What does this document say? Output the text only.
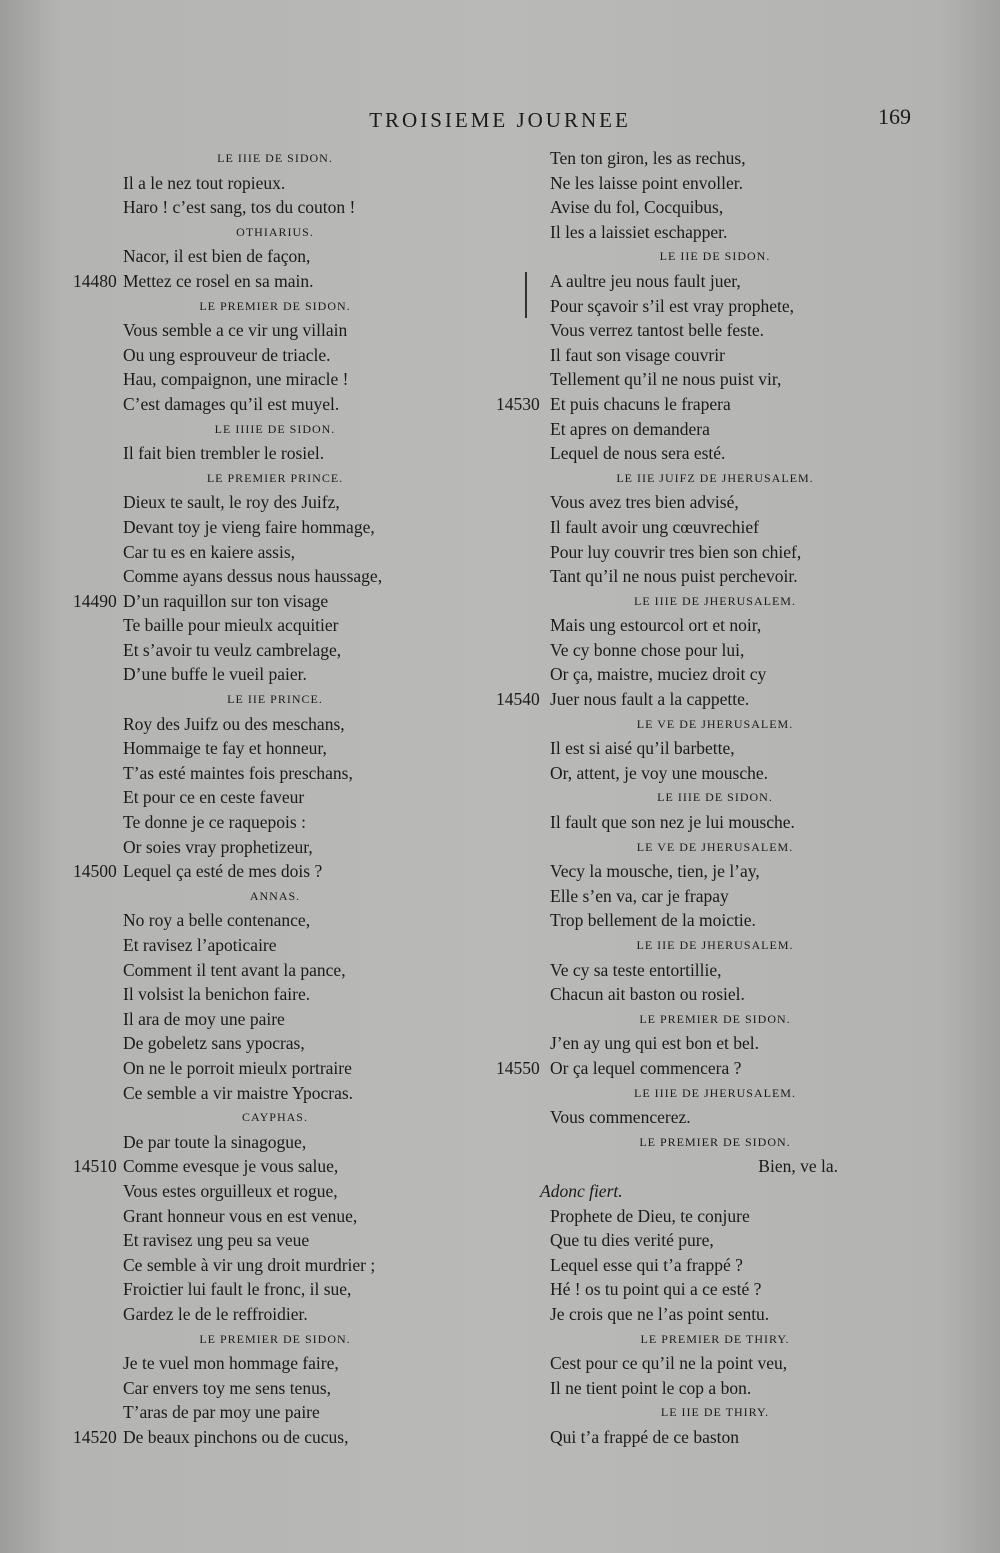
TROISIEME JOURNEE	169
LE IIIE DE SIDON.
Il a le nez tout ropieux.
Haro ! c’est sang, tos du couton !
OTHIARIUS.
Nacor, il est bien de façon,
14480 Mettez ce rosel en sa main.
LE PREMIER DE SIDON.
Vous semble a ce vir ung villain
Ou ung esprouveur de triacle.
Hau, compaignon, une miracle !
C’est damages qu’il est muyel.
LE IIIIE DE SIDON.
Il fait bien trembler le rosiel.
LE PREMIER PRINCE.
Dieux te sault, le roy des Juifz,
Devant toy je vieng faire hommage,
Car tu es en kaiere assis,
Comme ayans dessus nous haussage,
14490 D’un raquillon sur ton visage
Te baille pour mieulx acquitier
Et s’avoir tu veulz cambrelage,
D’une buffe le vueil paier.
LE IIE PRINCE.
Roy des Juifz ou des meschans,
Hommaige te fay et honneur,
T’as esté maintes fois preschans,
Et pour ce en ceste faveur
Te donne je ce raquepois :
Or soies vray prophetizeur,
14500 Lequel ça esté de mes dois ?
ANNAS.
No roy a belle contenance,
Et ravisez l’apoticaire
Comment il tent avant la pance,
Il volsist la benichon faire.
Il ara de moy une paire
De gobeletz sans ypocras,
On ne le porroit mieulx portraire
Ce semble a vir maistre Ypocras.
CAYPHAS.
De par toute la sinagogue,
14510 Comme evesque je vous salue,
Vous estes orguilleux et rogue,
Grant honneur vous en est venue,
Et ravisez ung peu sa veue
Ce semble à vir ung droit murdrier ;
Froictier lui fault le fronc, il sue,
Gardez le de le reffroidier.
LE PREMIER DE SIDON.
Je te vuel mon hommage faire,
Car envers toy me sens tenus,
T’aras de par moy une paire
14520 De beaux pinchons ou de cucus,
Ten ton giron, les as rechus,
Ne les laisse point envoller.
Avise du fol, Cocquibus,
Il les a laissiet eschapper.
LE IIE DE SIDON.
A aultre jeu nous fault juer,
Pour sçavoir s’il est vray prophete,
Vous verrez tantost belle feste.
Il faut son visage couvrir
Tellement qu’il ne nous puist vir,
14530 Et puis chacuns le frapera
Et apres on demandera
Lequel de nous sera esté.
LE IIE JUIFZ DE JHERUSALEM.
Vous avez tres bien advisé,
Il fault avoir ung cœuvrechief
Pour luy couvrir tres bien son chief,
Tant qu’il ne nous puist perchevoir.
LE IIIE DE JHERUSALEM.
Mais ung estourcol ort et noir,
Ve cy bonne chose pour lui,
Or ça, maistre, muciez droit cy
14540 Juer nous fault a la cappette.
LE VE DE JHERUSALEM.
Il est si aisé qu’il barbette,
Or, attent, je voy une mousche.
LE IIIE DE SIDON.
Il fault que son nez je lui mousche.
LE VE DE JHERUSALEM.
Vecy la mousche, tien, je l’ay,
Elle s’en va, car je frapay
Trop bellement de la moictie.
LE IIE DE JHERUSALEM.
Ve cy sa teste entortillie,
Chacun ait baston ou rosiel.
LE PREMIER DE SIDON.
J’en ay ung qui est bon et bel.
14550 Or ça lequel commencera ?
LE IIIE DE JHERUSALEM.
Vous commencerez.
LE PREMIER DE SIDON.
Bien, ve la.
Adonc fiert.
Prophete de Dieu, te conjure
Que tu dies verité pure,
Lequel esse qui t’a frappé ?
Hé ! os tu point qui a ce esté ?
Je crois que ne l’as point sentu.
LE PREMIER DE THIRY.
Cest pour ce qu’il ne la point veu,
Il ne tient point le cop a bon.
LE IIE DE THIRY.
Qui t’a frappé de ce baston
